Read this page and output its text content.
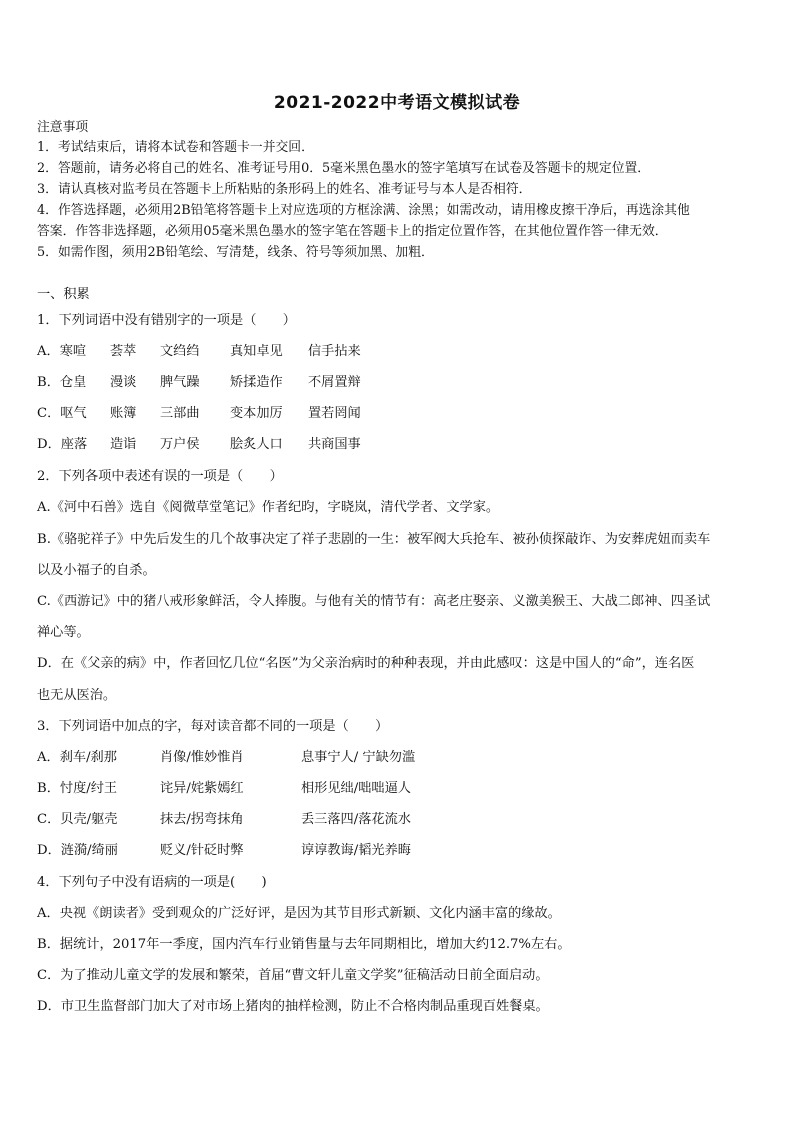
2021-2022中考语文模拟试卷
注意事项
1．考试结束后，请将本试卷和答题卡一并交回．
2．答题前，请务必将自己的姓名、准考证号用0．5毫米黑色墨水的签字笔填写在试卷及答题卡的规定位置．
3．请认真核对监考员在答题卡上所粘贴的条形码上的姓名、准考证号与本人是否相符．
4．作答选择题，必须用2B铅笔将答题卡上对应选项的方框涂满、涂黑；如需改动，请用橡皮擦干净后，再选涂其他
答案．作答非选择题，必须用05毫米黑色墨水的签字笔在答题卡上的指定位置作答，在其他位置作答一律无效．
5．如需作图，须用2B铅笔绘、写清楚，线条、符号等须加黑、加粗．
一、积累
1．下列词语中没有错别字的一项是（　　）
A．寒喧 荟萃 文绉绉 真知卓见 信手拈来
B．仓皇 漫谈 脾气躁 矫揉造作 不屑置辩
C．呕气 账簿 三部曲 变本加厉 置若罔闻
D．座落 造诣 万户侯 脍炙人口 共商国事
2．下列各项中表述有误的一项是（　　）
A.《河中石兽》选自《阅微草堂笔记》作者纪昀，字晓岚，清代学者、文学家。
B.《骆驼祥子》中先后发生的几个故事决定了祥子悲剧的一生：被军阀大兵抢车、被孙侦探敲诈、为安葬虎妞而卖车
以及小福子的自杀。
C.《西游记》中的猪八戒形象鲜活，令人捧腹。与他有关的情节有：高老庄娶亲、义激美猴王、大战二郎神、四圣试
禅心等。
D．在《父亲的病》中，作者回忆几位“名医”为父亲治病时的种种表现，并由此感叹：这是中国人的“命”，连名医
也无从医治。
3．下列词语中加点的字，每对读音都不同的一项是（　　）
A．刹车/刹那	肖像/惟妙惟肖	息事宁人/ 宁缺勿滥
B．忖度/纣王	诧异/姹紫嫣红	相形见绌/咄咄逼人
C．贝壳/躯壳	抹去/拐弯抹角	丢三落四/落花流水
D．涟漪/绮丽	贬义/针砭时弊	谆谆教诲/韬光养晦
4．下列句子中没有语病的一项是(　　)
A．央视《朗读者》受到观众的广泛好评，是因为其节目形式新颖、文化内涵丰富的缘故。
B．据统计，2017年一季度，国内汽车行业销售量与去年同期相比，增加大约12.7%左右。
C．为了推动儿童文学的发展和繁荣，首届“曹文轩儿童文学奖”征稿活动日前全面启动。
D．市卫生监督部门加大了对市场上猪肉的抽样检测，防止不合格肉制品重现百姓餐桌。
